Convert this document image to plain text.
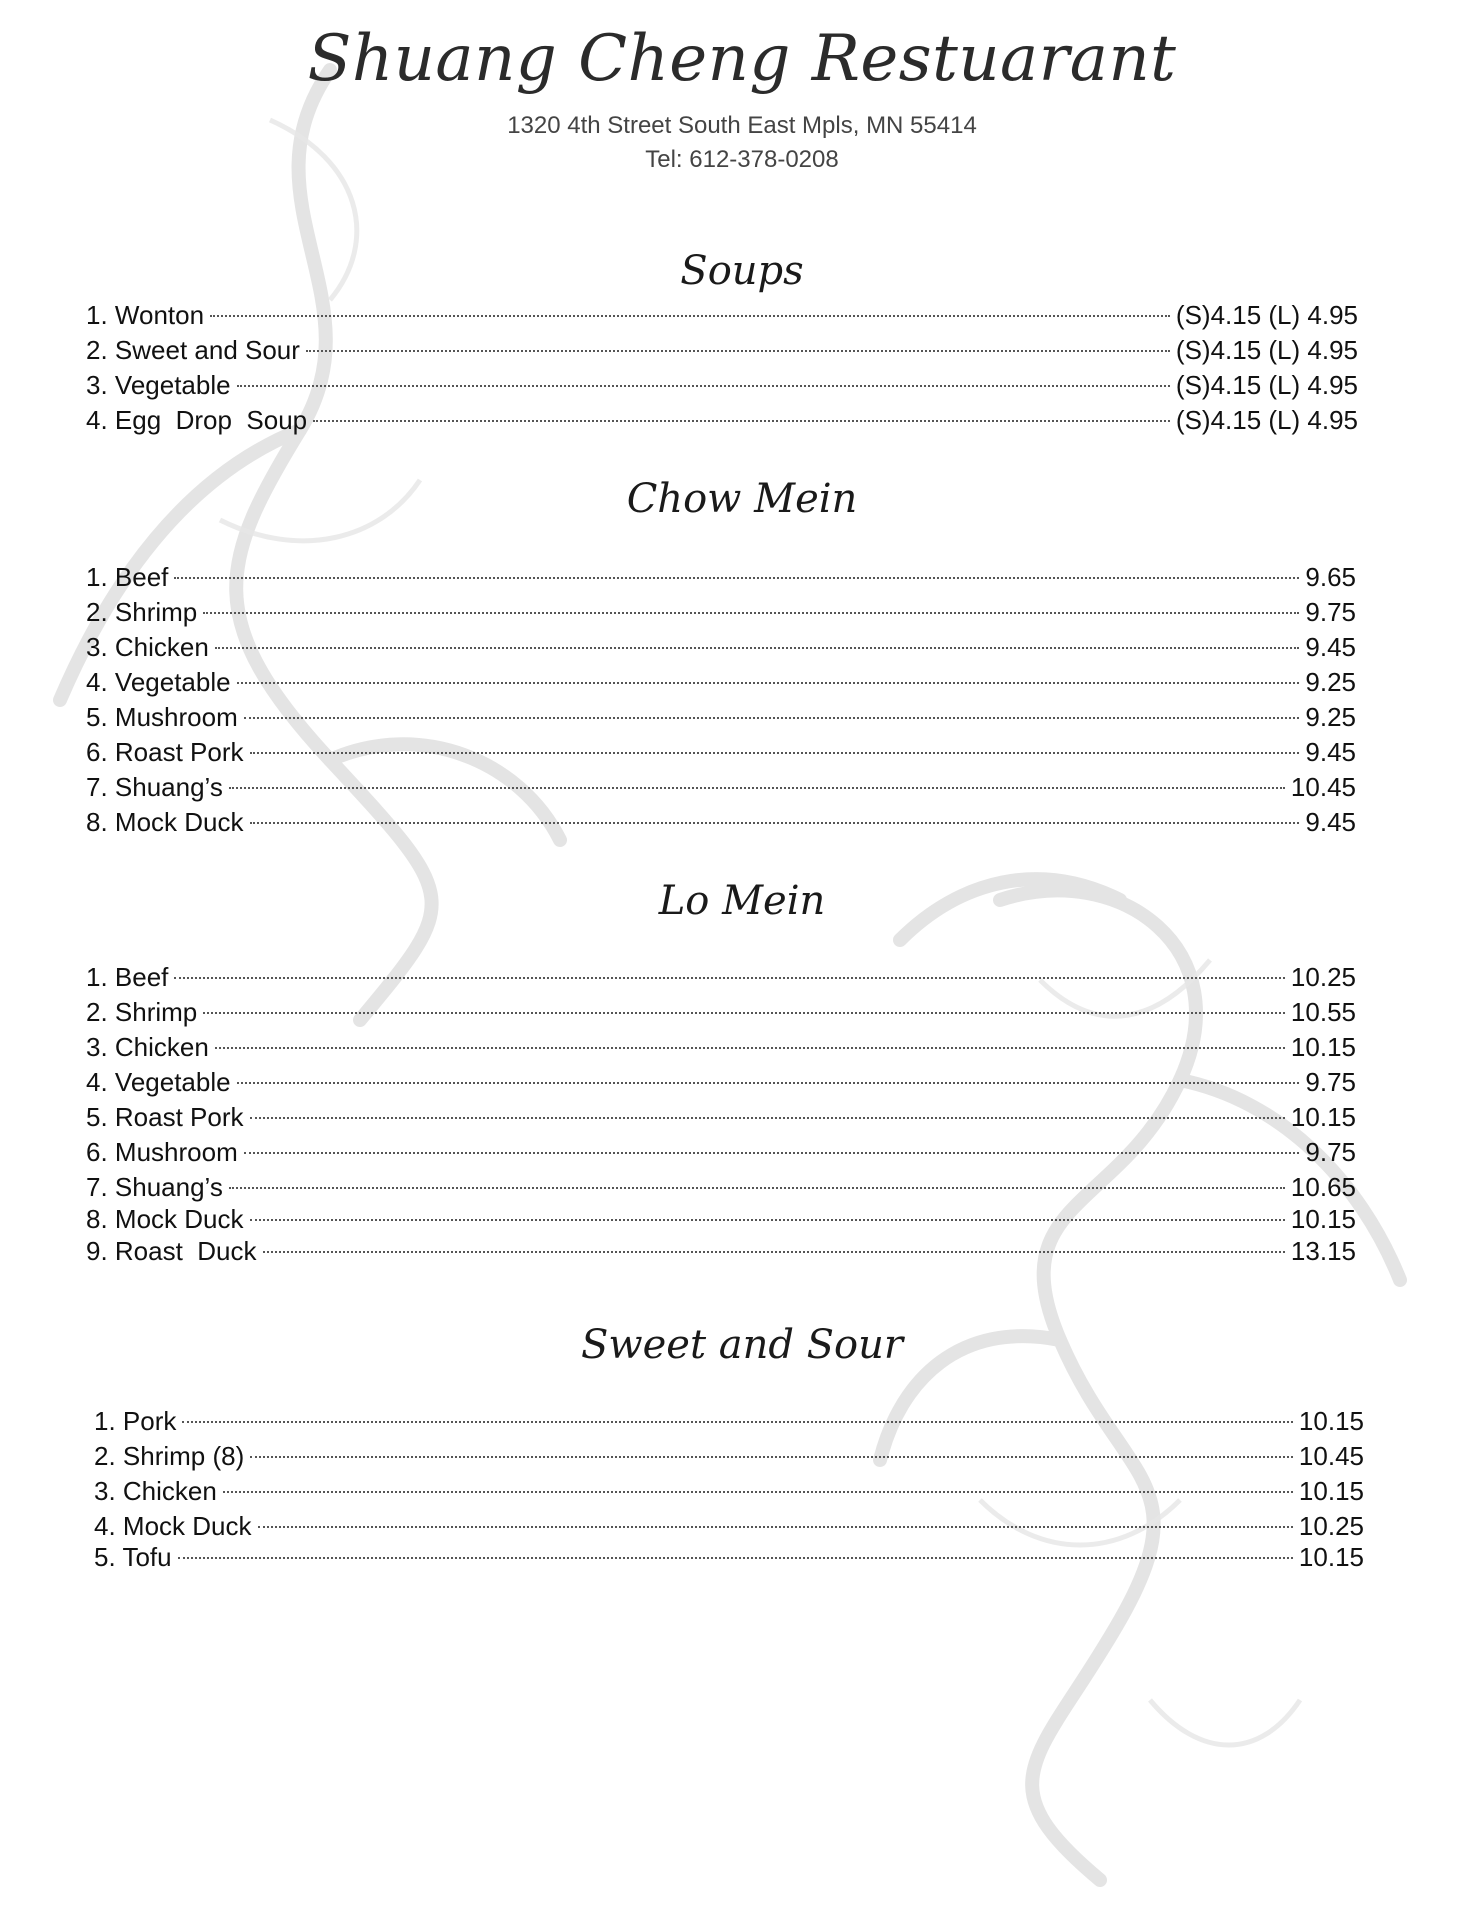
Shuang Cheng Restuarant
1320 4th Street South East Mpls, MN 55414
Tel: 612-378-0208
Soups
1. Wonton	(S)4.15 (L) 4.95
2. Sweet and Sour	(S)4.15 (L) 4.95
3. Vegetable	(S)4.15 (L) 4.95
4. Egg  Drop  Soup	(S)4.15 (L) 4.95
Chow Mein
1. Beef	9.65
2. Shrimp	9.75
3. Chicken	9.45
4. Vegetable	9.25
5. Mushroom	9.25
6. Roast Pork	9.45
7. Shuang’s	10.45
8. Mock Duck	9.45
Lo Mein
1. Beef	10.25
2. Shrimp	10.55
3. Chicken	10.15
4. Vegetable	9.75
5. Roast Pork	10.15
6. Mushroom	9.75
7. Shuang’s	10.65
8. Mock Duck	10.15
9. Roast  Duck	13.15
Sweet and Sour
1. Pork	10.15
2. Shrimp (8)	10.45
3. Chicken	10.15
4. Mock Duck	10.25
5. Tofu	10.15
